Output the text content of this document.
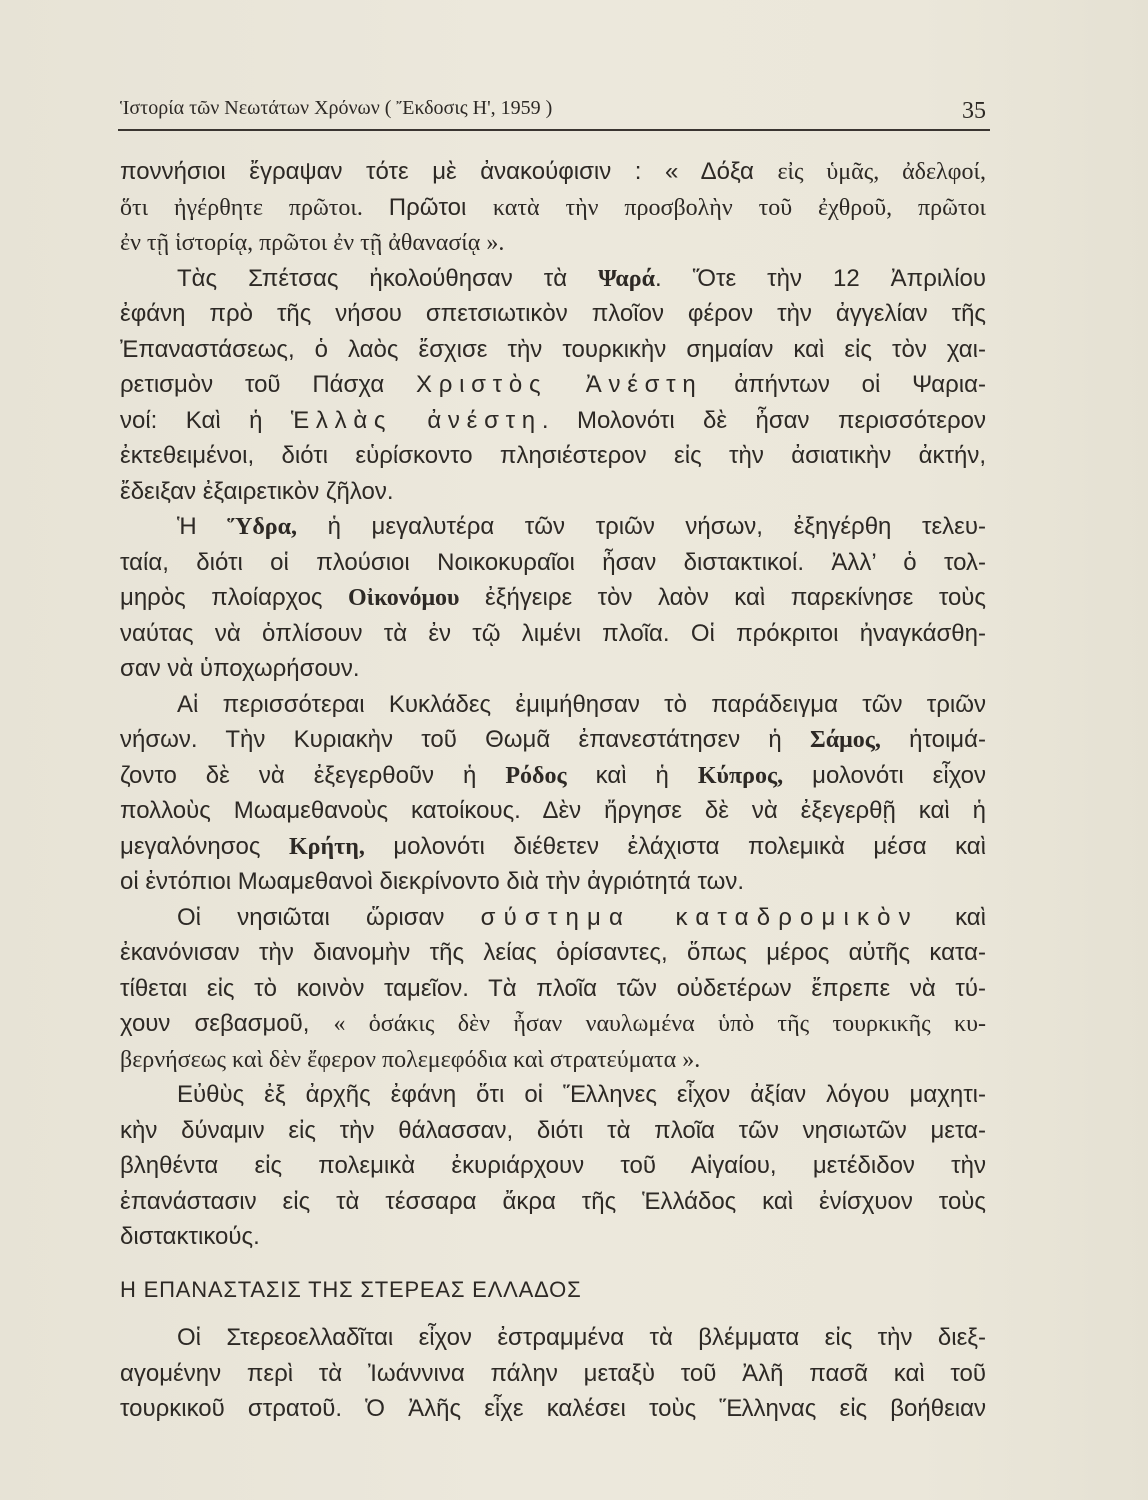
Ἱστορία τῶν Νεωτάτων Χρόνων ( Ἔκδοσις Η', 1959 )	35
ποννήσιοι ἔγραψαν τότε μὲ ἀνακούφισιν : « Δόξα εἰς ὑμᾶς, ἀδελφοί,
ὅτι ἠγέρθητε πρῶτοι. Πρῶτοι κατὰ τὴν προσβολὴν τοῦ ἐχθροῦ, πρῶτοι
ἐν τῇ ἱστορίᾳ, πρῶτοι ἐν τῇ ἀθανασίᾳ ».
Τὰς Σπέτσας ἠκολούθησαν τὰ Ψαρά. Ὅτε τὴν 12 Ἀπριλίου
ἐφάνη πρὸ τῆς νήσου σπετσιωτικὸν πλοῖον φέρον τὴν ἀγγελίαν τῆς
Ἐπαναστάσεως, ὁ λαὸς ἔσχισε τὴν τουρκικὴν σημαίαν καὶ εἰς τὸν χαι-
ρετισμὸν τοῦ Πάσχα Χριστὸς Ἀνέστη ἀπήντων οἱ Ψαρια-
νοί: Καὶ ἡ Ἑλλὰς ἀνέστη. Μολονότι δὲ ἦσαν περισσότερον
ἐκτεθειμένοι, διότι εὑρίσκοντο πλησιέστερον εἰς τὴν ἀσιατικὴν ἀκτήν,
ἔδειξαν ἐξαιρετικὸν ζῆλον.
Ἡ Ὕδρα, ἡ μεγαλυτέρα τῶν τριῶν νήσων, ἐξηγέρθη τελευ-
ταία, διότι οἱ πλούσιοι Νοικοκυραῖοι ἦσαν διστακτικοί. Ἀλλ’ ὁ τολ-
μηρὸς πλοίαρχος Οἰκονόμου ἐξήγειρε τὸν λαὸν καὶ παρεκίνησε τοὺς
ναύτας νὰ ὁπλίσουν τὰ ἐν τῷ λιμένι πλοῖα. Οἱ πρόκριτοι ἠναγκάσθη-
σαν νὰ ὑποχωρήσουν.
Αἱ περισσότεραι Κυκλάδες ἐμιμήθησαν τὸ παράδειγμα τῶν τριῶν
νήσων. Τὴν Κυριακὴν τοῦ Θωμᾶ ἐπανεστάτησεν ἡ Σάμος, ἡτοιμά-
ζοντο δὲ νὰ ἐξεγερθοῦν ἡ Ρόδος καὶ ἡ Κύπρος, μολονότι εἶχον
πολλοὺς Μωαμεθανοὺς κατοίκους. Δὲν ἤργησε δὲ νὰ ἐξεγερθῇ καὶ ἡ
μεγαλόνησος Κρήτη, μολονότι διέθετεν ἐλάχιστα πολεμικὰ μέσα καὶ
οἱ ἐντόπιοι Μωαμεθανοὶ διεκρίνοντο διὰ τὴν ἀγριότητά των.
Οἱ νησιῶται ὥρισαν σύστημα καταδρομικὸν καὶ
ἐκανόνισαν τὴν διανομὴν τῆς λείας ὁρίσαντες, ὅπως μέρος αὐτῆς κατα-
τίθεται εἰς τὸ κοινὸν ταμεῖον. Τὰ πλοῖα τῶν οὐδετέρων ἔπρεπε νὰ τύ-
χουν σεβασμοῦ, « ὁσάκις δὲν ἦσαν ναυλωμένα ὑπὸ τῆς τουρκικῆς κυ-
βερνήσεως καὶ δὲν ἔφερον πολεμεφόδια καὶ στρατεύματα ».
Εὐθὺς ἐξ ἀρχῆς ἐφάνη ὅτι οἱ Ἕλληνες εἶχον ἀξίαν λόγου μαχητι-
κὴν δύναμιν εἰς τὴν θάλασσαν, διότι τὰ πλοῖα τῶν νησιωτῶν μετα-
βληθέντα εἰς πολεμικὰ ἐκυριάρχουν τοῦ Αἰγαίου, μετέδιδον τὴν
ἐπανάστασιν εἰς τὰ τέσσαρα ἄκρα τῆς Ἑλλάδος καὶ ἐνίσχυον τοὺς
διστακτικούς.
Η ΕΠΑΝΑΣΤΑΣΙΣ ΤΗΣ ΣΤΕΡΕΑΣ ΕΛΛΑΔΟΣ
Οἱ Στερεοελλαδῖται εἶχον ἐστραμμένα τὰ βλέμματα εἰς τὴν διεξ-
αγομένην περὶ τὰ Ἰωάννινα πάλην μεταξὺ τοῦ Ἀλῆ πασᾶ καὶ τοῦ
τουρκικοῦ στρατοῦ. Ὁ Ἀλῆς εἶχε καλέσει τοὺς Ἕλληνας εἰς βοήθειαν
